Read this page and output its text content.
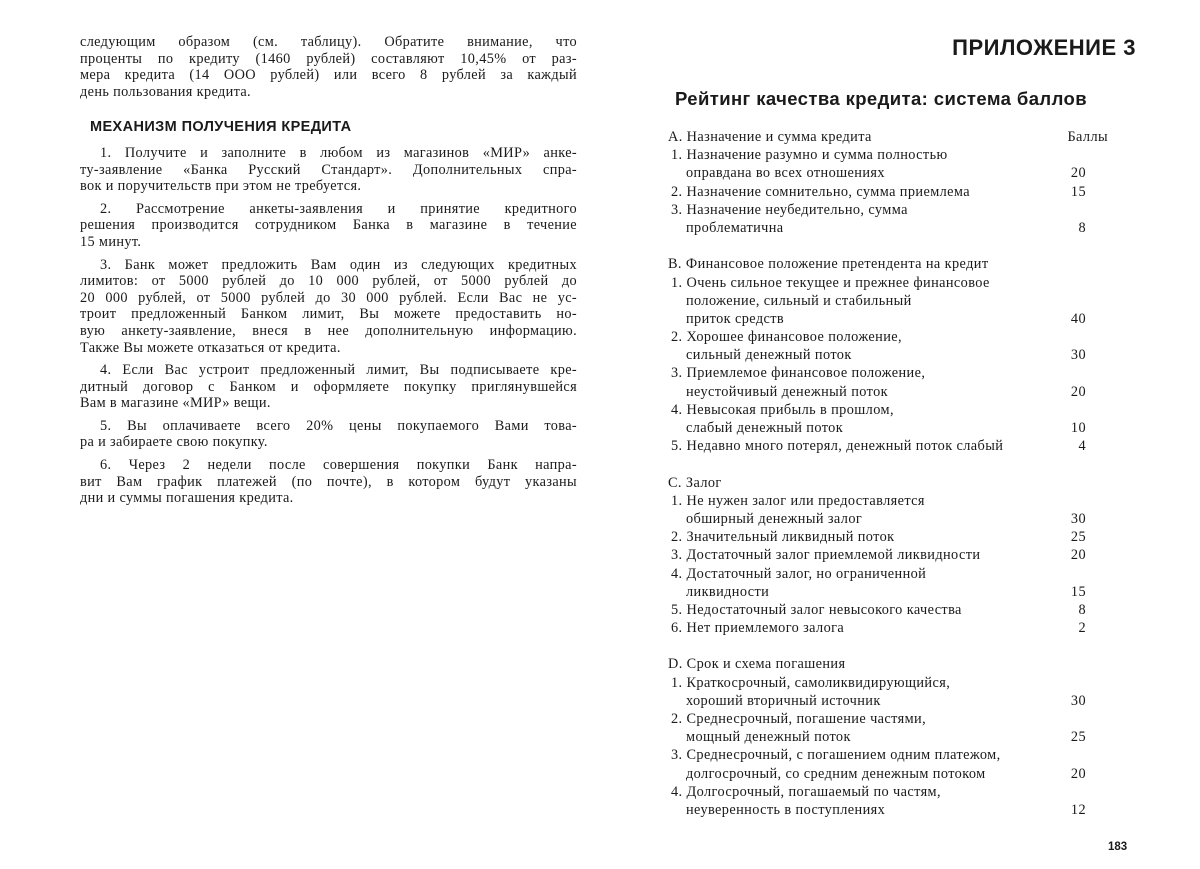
следующим образом (см. таблицу). Обратите внимание, что
проценты по кредиту (1460 рублей) составляют 10,45% от раз-
мера кредита (14 ООО рублей) или всего 8 рублей за каждый
день пользования кредита.

МЕХАНИЗМ ПОЛУЧЕНИЯ КРЕДИТА

1. Получите и заполните в любом из магазинов «МИР» анке-
ту-заявление «Банка Русский Стандарт». Дополнительных спра-
вок и поручительств при этом не требуется.

2. Рассмотрение анкеты-заявления и принятие кредитного
решения производится сотрудником Банка в магазине в течение
15 минут.

3. Банк может предложить Вам один из следующих кредитных
лимитов: от 5000 рублей до 10 000 рублей, от 5000 рублей до
20 000 рублей, от 5000 рублей до 30 000 рублей. Если Вас не ус-
троит предложенный Банком лимит, Вы можете предоставить но-
вую анкету-заявление, внеся в нее дополнительную информацию.
Также Вы можете отказаться от кредита.

4. Если Вас устроит предложенный лимит, Вы подписываете кре-
дитный договор с Банком и оформляете покупку приглянувшейся
Вам в магазине «МИР» вещи.

5. Вы оплачиваете всего 20% цены покупаемого Вами това-
ра и забираете свою покупку.

6. Через 2 недели после совершения покупки Банк напра-
вит Вам график платежей (по почте), в котором будут указаны
дни и суммы погашения кредита.

ПРИЛОЖЕНИЕ 3
Рейтинг качества кредита: система баллов
А. Назначение и сумма кредита	Баллы
1. Назначение разумно и сумма полностью
оправдана во всех отношениях	20
2. Назначение сомнительно, сумма приемлема	15
3. Назначение неубедительно, сумма
проблематична	8
В. Финансовое положение претендента на кредит
1. Очень сильное текущее и прежнее финансовое
положение, сильный и стабильный
приток средств	40
2. Хорошее финансовое положение,
сильный денежный поток	30
3. Приемлемое финансовое положение,
неустойчивый денежный поток	20
4. Невысокая прибыль в прошлом,
слабый денежный поток	10
5. Недавно много потерял, денежный поток слабый	4
С. Залог
1. Не нужен залог или предоставляется
обширный денежный залог	30
2. Значительный ликвидный поток	25
3. Достаточный залог приемлемой ликвидности	20
4. Достаточный залог, но ограниченной
ликвидности	15
5. Недостаточный залог невысокого качества	8
6. Нет приемлемого залога	2
D. Срок и схема погашения
1. Краткосрочный, самоликвидирующийся,
хороший вторичный источник	30
2. Среднесрочный, погашение частями,
мощный денежный поток	25
3. Среднесрочный, с погашением одним платежом,
долгосрочный, со средним денежным потоком	20
4. Долгосрочный, погашаемый по частям,
неуверенность в поступлениях	12
183
